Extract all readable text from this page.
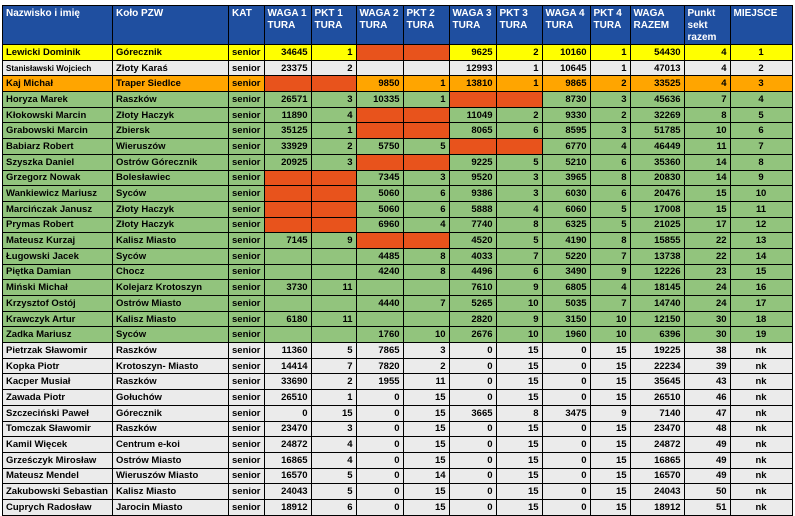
Nazwisko i imię	Koło PZW	KAT	WAGA 1 TURA	PKT 1 TURA	WAGA 2 TURA	PKT 2 TURA	WAGA 3 TURA	PKT 3 TURA	WAGA 4 TURA	PKT 4 TURA	WAGA RAZEM	Punkt sekt razem	MIEJSCE
Lewicki Dominik	Górecznik	senior	34645	1			9625	2	10160	1	54430	4	1
Stanisławski Wojciech	Złoty Karaś	senior	23375	2			12993	1	10645	1	47013	4	2
Kaj Michał	Traper Siedlce	senior			9850	1	13810	1	9865	2	33525	4	3
Horyza Marek	Raszków	senior	26571	3	10335	1			8730	3	45636	7	4
Kłokowski Marcin	Złoty Haczyk	senior	11890	4			11049	2	9330	2	32269	8	5
Grabowski Marcin	Zbiersk	senior	35125	1			8065	6	8595	3	51785	10	6
Babiarz Robert	Wieruszów	senior	33929	2	5750	5			6770	4	46449	11	7
Szyszka Daniel	Ostrów Górecznik	senior	20925	3			9225	5	5210	6	35360	14	8
Grzegorz Nowak	Bolesławiec	senior			7345	3	9520	3	3965	8	20830	14	9
Wankiewicz Mariusz	Syców	senior			5060	6	9386	3	6030	6	20476	15	10
Marcińczak Janusz	Złoty Haczyk	senior			5060	6	5888	4	6060	5	17008	15	11
Prymas Robert	Złoty Haczyk	senior			6960	4	7740	8	6325	5	21025	17	12
Mateusz Kurzaj	Kalisz Miasto	senior	7145	9			4520	5	4190	8	15855	22	13
Ługowski Jacek	Syców	senior			4485	8	4033	7	5220	7	13738	22	14
Piętka Damian	Chocz	senior			4240	8	4496	6	3490	9	12226	23	15
Miński Michał	Kolejarz Krotoszyn	senior	3730	11			7610	9	6805	4	18145	24	16
Krzysztof Ostój	Ostrów Miasto	senior			4440	7	5265	10	5035	7	14740	24	17
Krawczyk Artur	Kalisz Miasto	senior	6180	11			2820	9	3150	10	12150	30	18
Zadka Mariusz	Syców	senior			1760	10	2676	10	1960	10	6396	30	19
Pietrzak Sławomir	Raszków	senior	11360	5	7865	3	0	15	0	15	19225	38	nk
Kopka Piotr	Krotoszyn- Miasto	senior	14414	7	7820	2	0	15	0	15	22234	39	nk
Kacper Musiał	Raszków	senior	33690	2	1955	11	0	15	0	15	35645	43	nk
Zawada Piotr	Gołuchów	senior	26510	1	0	15	0	15	0	15	26510	46	nk
Szczeciński Paweł	Górecznik	senior	0	15	0	15	3665	8	3475	9	7140	47	nk
Tomczak Sławomir	Raszków	senior	23470	3	0	15	0	15	0	15	23470	48	nk
Kamil Więcek	Centrum e-koi	senior	24872	4	0	15	0	15	0	15	24872	49	nk
Grześczyk Mirosław	Ostrów Miasto	senior	16865	4	0	15	0	15	0	15	16865	49	nk
Mateusz Mendel	Wieruszów Miasto	senior	16570	5	0	14	0	15	0	15	16570	49	nk
Zakubowski Sebastian	Kalisz Miasto	senior	24043	5	0	15	0	15	0	15	24043	50	nk
Cuprych Radosław	Jarocin Miasto	senior	18912	6	0	15	0	15	0	15	18912	51	nk
